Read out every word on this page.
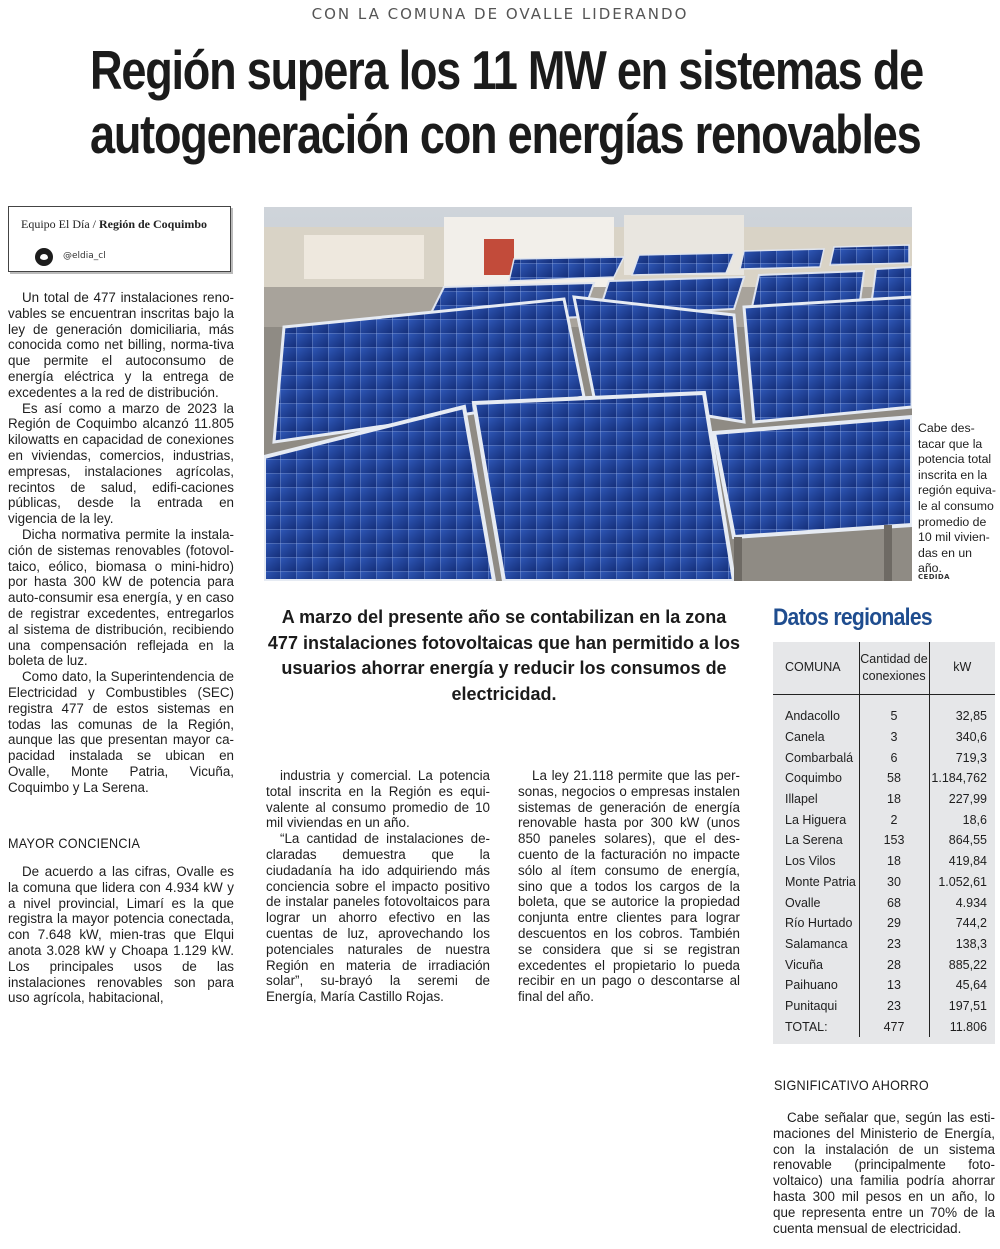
CON LA COMUNA DE OVALLE LIDERANDO
Región supera los 11 MW en sistemas de
autogeneración con energías renovables
Equipo El Día / Región de Coquimbo
@eldia_cl

Un total de 477 instalaciones reno-vables se encuentran inscritas bajo la ley de generación domiciliaria, más conocida como net billing, norma-tiva que permite el autoconsumo de energía eléctrica y la entrega de excedentes a la red de distribución.

Es así como a marzo de 2023 la Región de Coquimbo alcanzó 11.805 kilowatts en capacidad de conexiones en viviendas, comercios, industrias, empresas, instalaciones agrícolas, recintos de salud, edifi-caciones públicas, desde la entrada en vigencia de la ley.

Dicha normativa permite la instala-ción de sistemas renovables (fotovol-taico, eólico, biomasa o mini-hidro) por hasta 300 kW de potencia para auto-consumir esa energía, y en caso de registrar excedentes, entregarlos al sistema de distribución, recibiendo una compensación reflejada en la boleta de luz.

Como dato, la Superintendencia de Electricidad y Combustibles (SEC) registra 477 de estos sistemas en todas las comunas de la Región, aunque las que presentan mayor ca-pacidad instalada se ubican en Ovalle, Monte Patria, Vicuña, Coquimbo y La Serena.

MAYOR CONCIENCIA

De acuerdo a las cifras, Ovalle es la comuna que lidera con 4.934 kW y a nivel provincial, Limarí es la que registra la mayor potencia conectada, con 7.648 kW, mien-tras que Elqui anota 3.028 kW y Choapa 1.129 kW. Los principales usos de las instalaciones renovables son para uso agrícola, habitacional,

Cabe des-tacar que la potencia total inscrita en la región equiva-le al consumo promedio de 10 mil vivien-das en un año.
CEDIDA
A marzo del presente año se contabilizan en la zona 477 instalaciones fotovoltaicas que han permitido a los usuarios ahorrar energía y reducir los consumos de electricidad.

industria y comercial. La potencia total inscrita en la Región es equi-valente al consumo promedio de 10 mil viviendas en un año.

“La cantidad de instalaciones de-claradas demuestra que la ciudadanía ha ido adquiriendo más conciencia sobre el impacto positivo de instalar paneles fotovoltaicos para lograr un ahorro efectivo en las cuentas de luz, aprovechando los potenciales naturales de nuestra Región en materia de irradiación solar”, su-brayó la seremi de Energía, María Castillo Rojas.

La ley 21.118 permite que las per-sonas, negocios o empresas instalen sistemas de generación de energía renovable hasta por 300 kW (unos 850 paneles solares), que el des-cuento de la facturación no impacte sólo al ítem consumo de energía, sino que a todos los cargos de la boleta, que se autorice la propiedad conjunta entre clientes para lograr descuentos en los cobros. También se considera que si se registran excedentes el propietario lo pueda recibir en un pago o descontarse al final del año.

Datos regionales
COMUNA	Cantidad de conexiones	kW

Andacollo	5	32,85
Canela	3	340,6
Combarbalá	6	719,3
Coquimbo	58	1.184,762
Illapel	18	227,99
La Higuera	2	18,6
La Serena	153	864,55
Los Vilos	18	419,84
Monte Patria	30	1.052,61
Ovalle	68	4.934
Río Hurtado	29	744,2
Salamanca	23	138,3
Vicuña	28	885,22
Paihuano	13	45,64
Punitaqui	23	197,51
TOTAL:	477	11.806
SIGNIFICATIVO AHORRO

Cabe señalar que, según las esti-maciones del Ministerio de Energía, con la instalación de un sistema renovable (principalmente foto-voltaico) una familia podría ahorrar hasta 300 mil pesos en un año, lo que representa entre un 70% de la cuenta mensual de electricidad.
